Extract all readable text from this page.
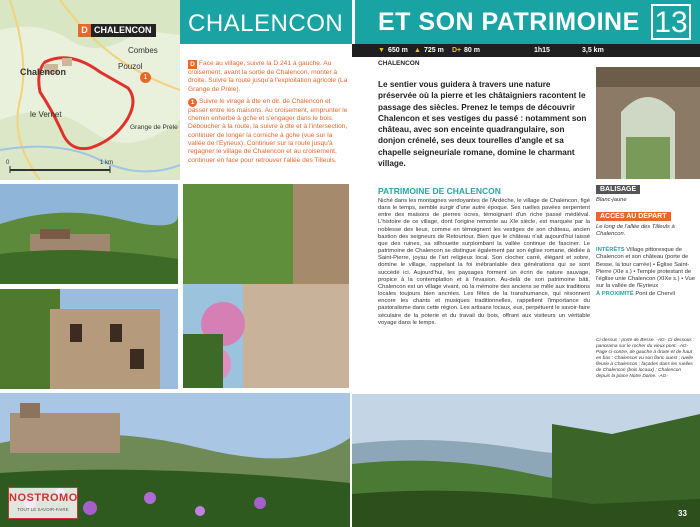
D CHALENCON
Chalencon
1
Combes
Pouzol
Grange de Prèle
le Vernet
0	1 km
CHALENCON ET SON PATRIMOINE 13
▼ 650 m ▲ 725 m D+ 80 m	1h15	3,5 km
CHALENCON
Le sentier vous guidera à travers une nature préservée où la pierre et les châtaigniers racontent le passage des siècles. Prenez le temps de découvrir Chalencon et ses vestiges du passé : notamment son château, avec son enceinte quadrangulaire, son donjon crénelé, ses deux tourelles d'angle et sa chapelle seigneuriale romane, domine le charmant village.

D Face au village, suivre la D 241 à gauche. Au croisement, avant la sortie de Chalencon, monter à droite. Suivre la route jusqu'à l'exploitation agricole (La Grange de Prèle).

1 Suivre le virage à dte en dir. de Chalencon et passer entre les maisons. Au croisement, emprunter le chemin enherbé à gche et s'engager dans le bois. Déboucher à la route, la suivre à dte et à l'intersection, continuer de longer la corniche à gche (vue sur la vallée de l'Eyrieux). Continuer sur la route jusqu'à regagner le village de Chalencon et au croisement, continuer en face pour retrouver l'allée des Tilleuls.

PATRIMOINE DE CHALENCON
Niché dans les montagnes verdoyantes de l'Ardèche, le village de Chalencon, figé dans le temps, semble surgir d'une autre époque. Ses ruelles pavées serpentent entre des maisons de pierres ocres, témoignant d'un riche passé médiéval. L'histoire de ce village, dont l'origine remonte au XIe siècle, est marquée par la noblesse des lieux, comme en témoignent les vestiges de son château, ancien bastion des seigneurs de Retourtour. Bien que le château n'ait aujourd'hui laissé que des ruines, sa silhouette surplombant la vallée continue de fasciner. Le patrimoine de Chalencon se distingue également par son église romane, dédiée à Saint-Pierre, joyau de l'art religieux local. Son clocher carré, élégant et sobre, domine le village, rappelant la foi inébranlable des générations qui se sont succédé ici. Aujourd'hui, les paysages forment un écrin de nature sauvage, propice à la contemplation et à l'évasion. Au-delà de son patrimoine bâti, Chalencon est un village vivant, où la mémoire des anciens se mêle aux traditions locales toujours bien ancrées. Les fêtes de la transhumance, qui résonnent encore les chants et musiques traditionnelles, rappellent l'importance du pastoralisme dans cette région. Les artisans locaux, eux, perpétuent le savoir-faire séculaire de la poterie et du travail du bois, offrant aux visiteurs un véritable voyage dans le temps.
BALISAGE
Blanc-jaune
ACCÈS AU DÉPART
Le long de l'allée des Tilleuls à Chalencon.
INTÉRÊTS Village pittoresque de Chalencon et son château (porte de Besse, la tour carrée) • Église Saint-Pierre (XIe s.) • Temple protestant de l'église unie Chalencon (XIXe s.) • Vue sur la vallée de l'Eyrieux
À PROXIMITÉ Pont de Chervil
Ci-dessus : porte de Besse. -AG- Ci-dessous : panorama sur le rocher du vieux pont. -AG- Page ci-contre, de gauche à droite et de haut en bas : Chalencon vu son flanc ouest ; ruelle fleurie à Chalencon ; façades dans les ruelles de Chalencon (bois locaux) ; Chalencon depuis la place Notre Dame. -AG-
NOSTROMO
TOUT LE SAVOIR-FAIRE	33
